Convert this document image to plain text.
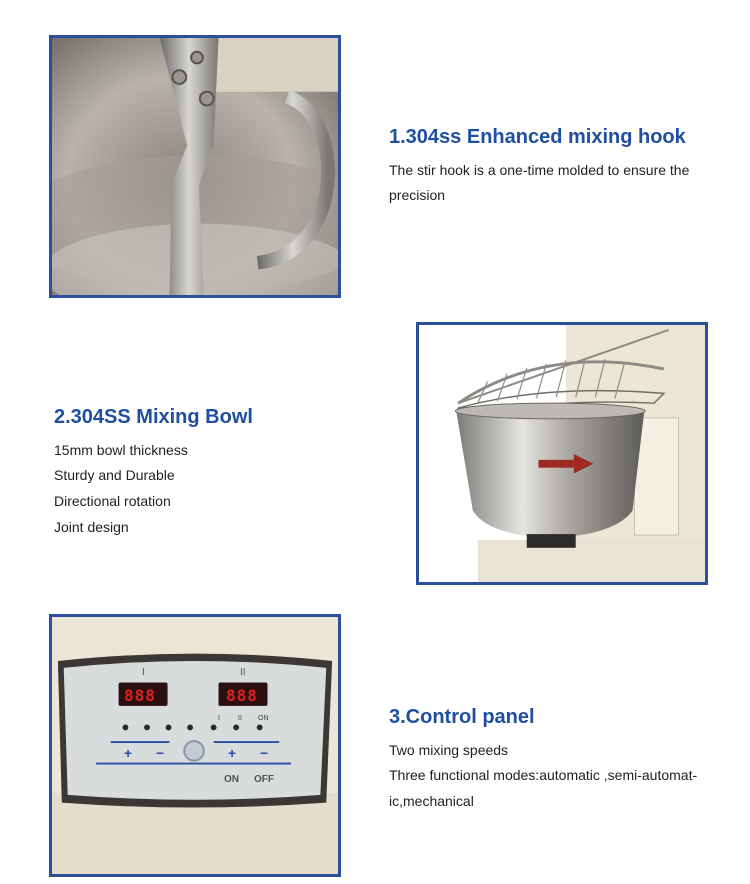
1.304ss Enhanced mixing hook

The stir hook is a one-time molded to ensure the

precision

2.304SS Mixing Bowl

15mm bowl thickness

Sturdy and Durable

Directional rotation

Joint design

I	II
888	888
I	II ON
+ −	+ −
ON OFF
3.Control panel

Two mixing speeds

Three functional modes:automatic ,semi-automat-

ic,mechanical
